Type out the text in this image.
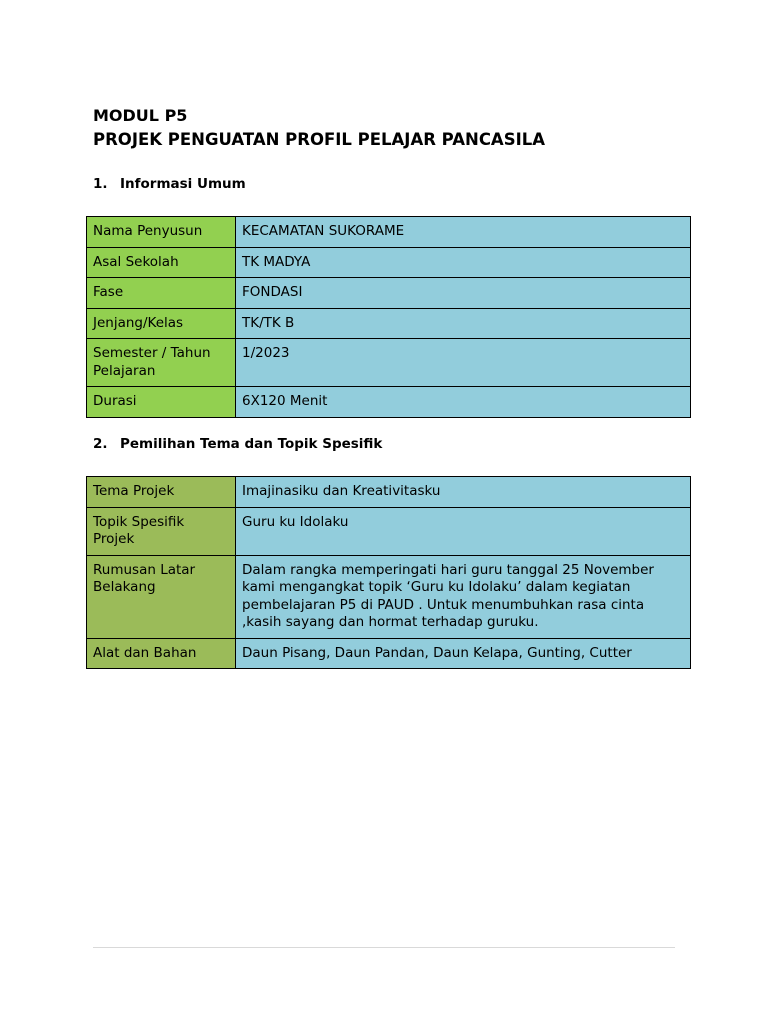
MODUL P5
PROJEK PENGUATAN PROFIL PELAJAR PANCASILA
1. Informasi Umum
Nama Penyusun	KECAMATAN SUKORAME
Asal Sekolah	TK MADYA
Fase	FONDASI
Jenjang/Kelas	TK/TK B
Semester / Tahun Pelajaran	1/2023
Durasi	6X120 Menit
2. Pemilihan Tema dan Topik Spesifik
Tema Projek	Imajinasiku dan Kreativitasku
Topik Spesifik Projek	Guru ku Idolaku
Rumusan Latar Belakang	Dalam rangka memperingati hari guru tanggal 25 November kami mengangkat topik ‘Guru ku Idolaku’ dalam kegiatan pembelajaran P5 di PAUD . Untuk menumbuhkan rasa cinta ,kasih sayang dan hormat terhadap guruku.
Alat dan Bahan	Daun Pisang, Daun Pandan, Daun Kelapa, Gunting, Cutter
